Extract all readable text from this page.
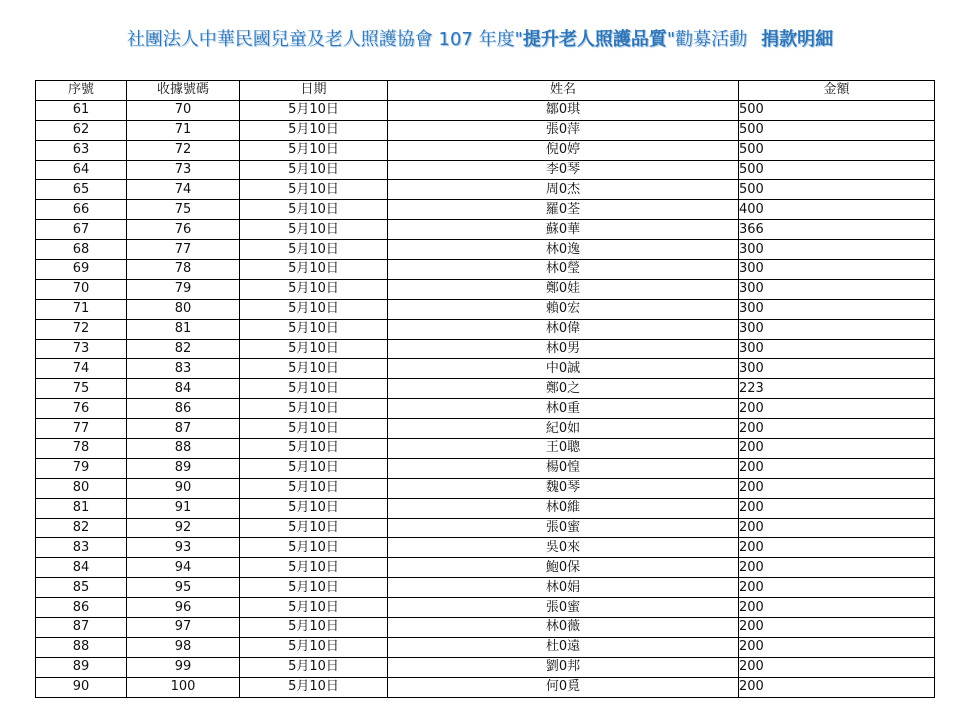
社團法人中華民國兒童及老人照護協會 107 年度"提升老人照護品質"勸募活動 捐款明細
序號	收據號碼	日期	姓名	金額
61	70	5月10日	鄒0琪	500
62	71	5月10日	張0萍	500
63	72	5月10日	倪0婷	500
64	73	5月10日	李0琴	500
65	74	5月10日	周0杰	500
66	75	5月10日	羅0荃	400
67	76	5月10日	蘇0華	366
68	77	5月10日	林0逸	300
69	78	5月10日	林0瑩	300
70	79	5月10日	鄭0娃	300
71	80	5月10日	賴0宏	300
72	81	5月10日	林0偉	300
73	82	5月10日	林0男	300
74	83	5月10日	中0誠	300
75	84	5月10日	鄭0之	223
76	86	5月10日	林0重	200
77	87	5月10日	紀0如	200
78	88	5月10日	王0聰	200
79	89	5月10日	楊0惶	200
80	90	5月10日	魏0琴	200
81	91	5月10日	林0維	200
82	92	5月10日	張0蜜	200
83	93	5月10日	吳0來	200
84	94	5月10日	鮑0保	200
85	95	5月10日	林0娟	200
86	96	5月10日	張0蜜	200
87	97	5月10日	林0薇	200
88	98	5月10日	杜0遠	200
89	99	5月10日	劉0邦	200
90	100	5月10日	何0覓	200
